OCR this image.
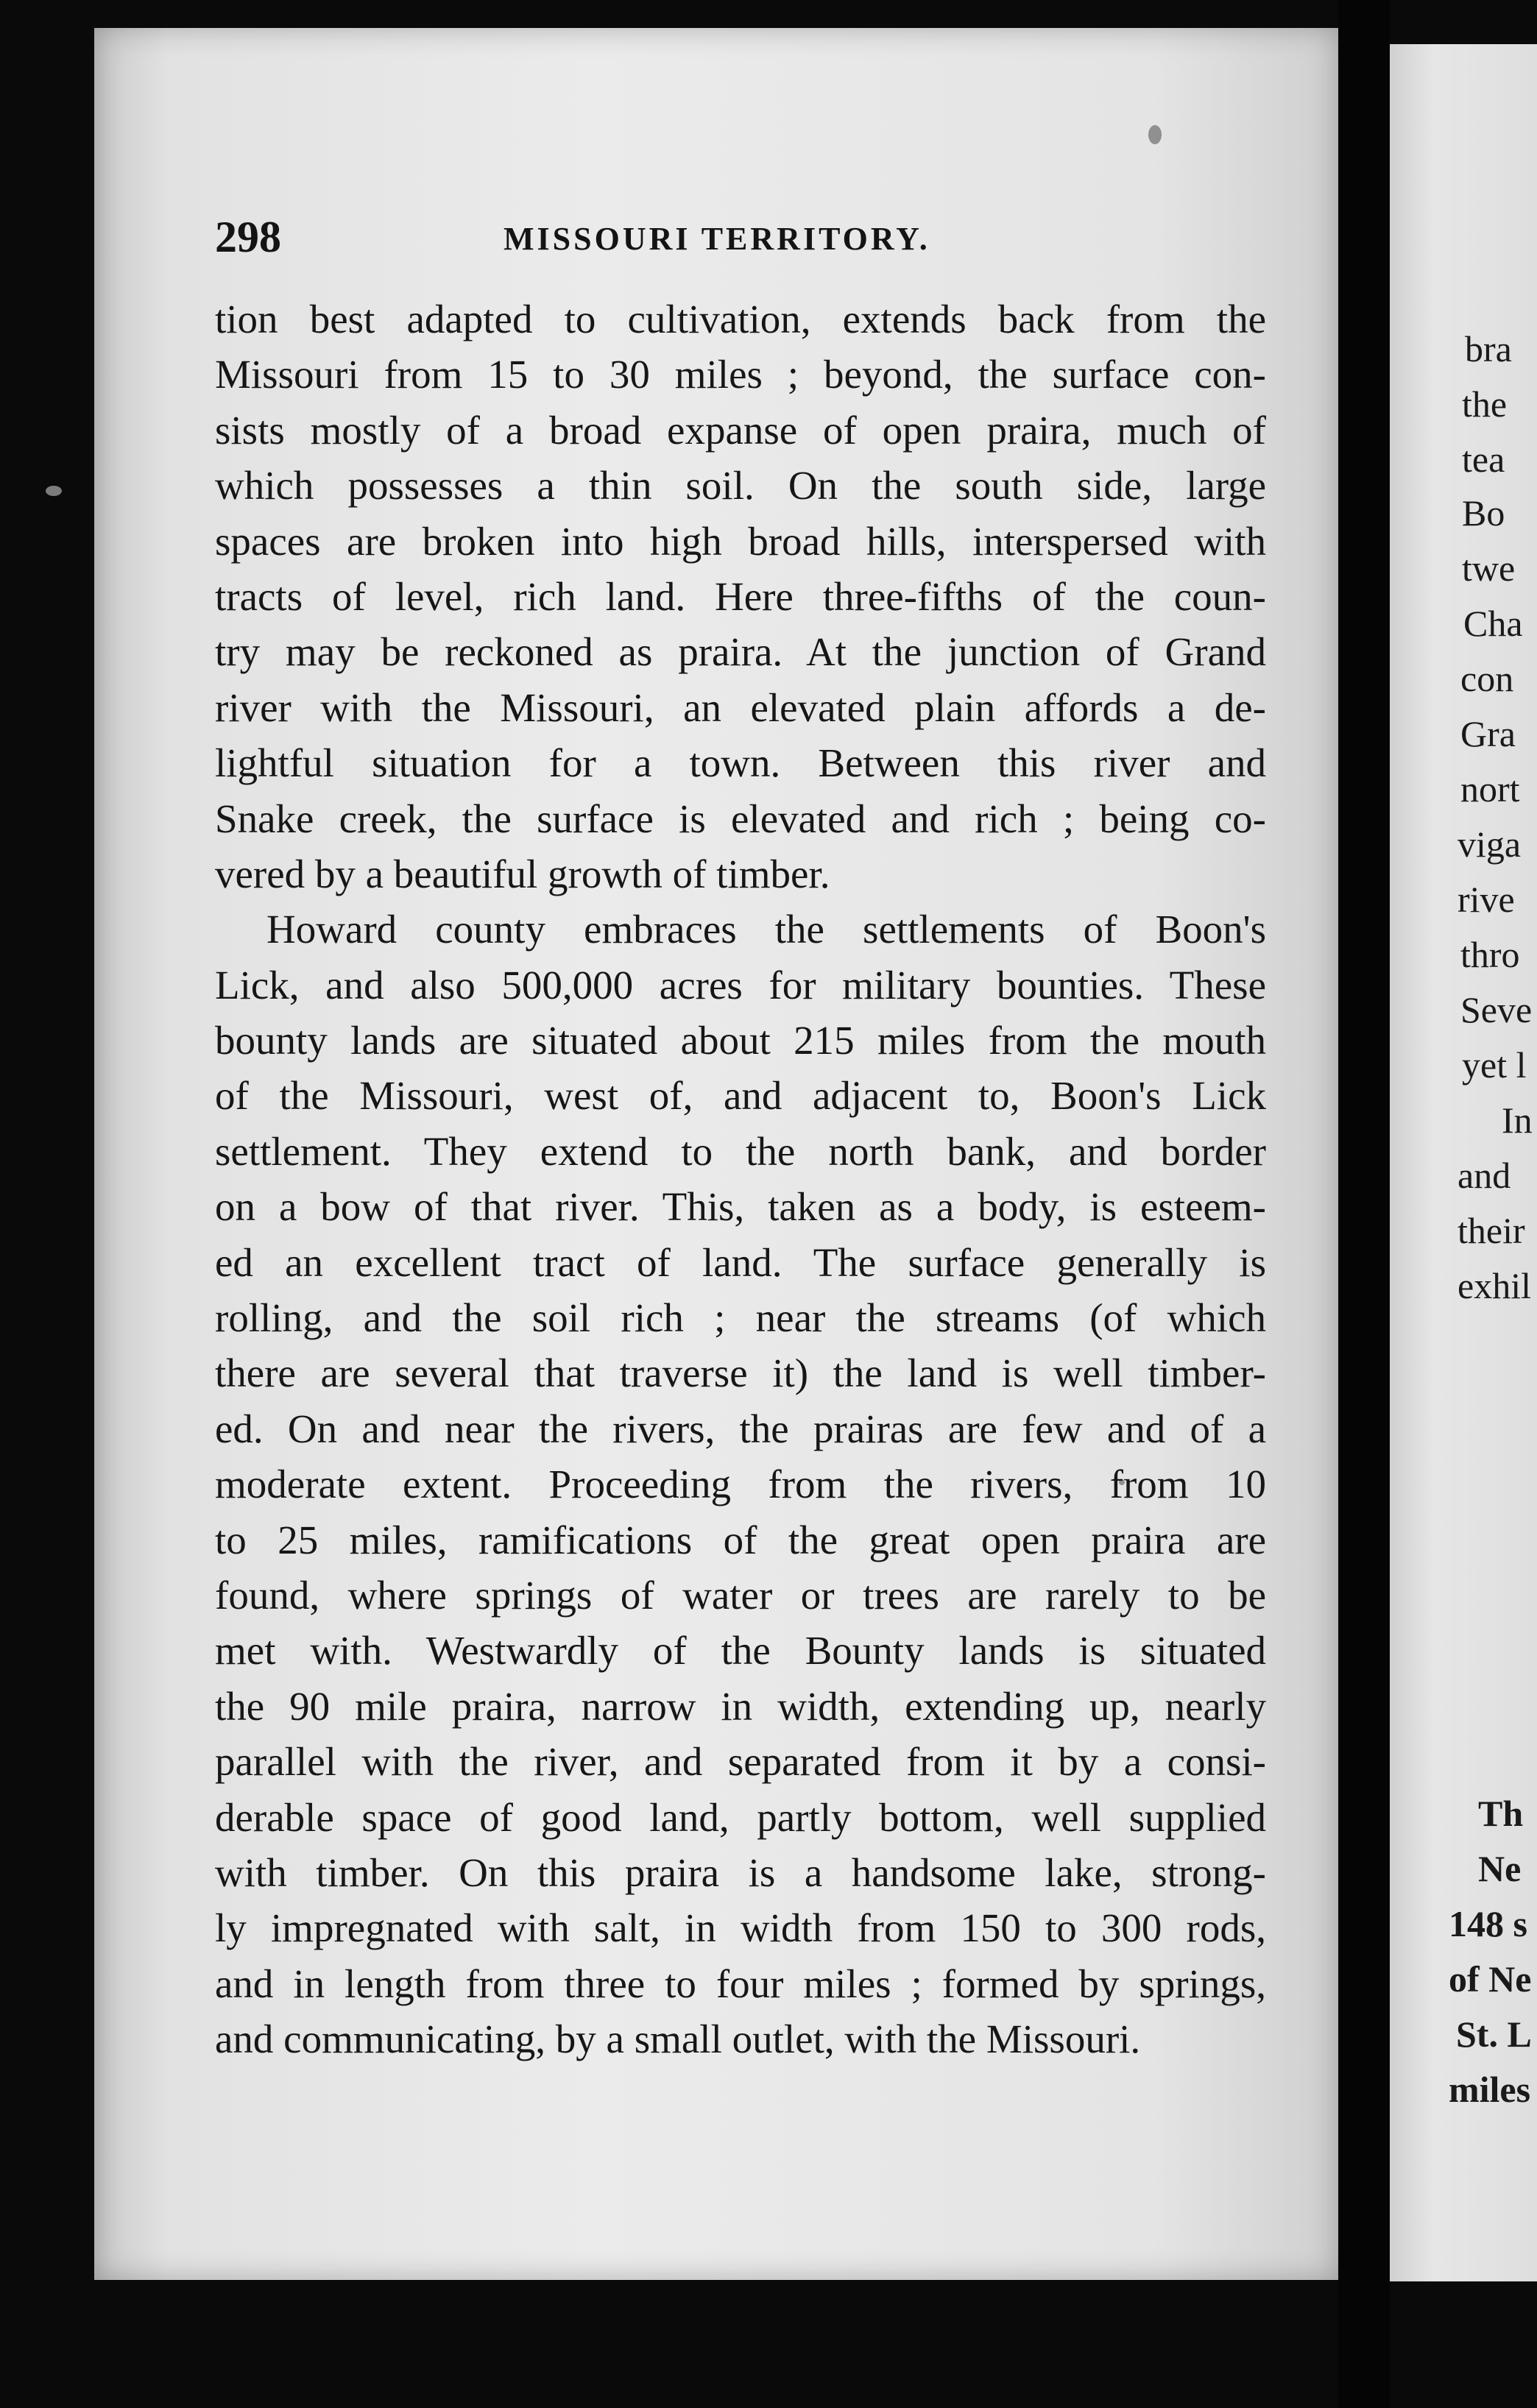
298	MISSOURI TERRITORY.
tion best adapted to cultivation, extends back from the
Missouri from 15 to 30 miles ; beyond, the surface con-
sists mostly of a broad expanse of open praira, much of
which possesses a thin soil. On the south side, large
spaces are broken into high broad hills, interspersed with
tracts of level, rich land. Here three-fifths of the coun-
try may be reckoned as praira. At the junction of Grand
river with the Missouri, an elevated plain affords a de-
lightful situation for a town. Between this river and
Snake creek, the surface is elevated and rich ; being co-
vered by a beautiful growth of timber.
Howard county embraces the settlements of Boon's
Lick, and also 500,000 acres for military bounties. These
bounty lands are situated about 215 miles from the mouth
of the Missouri, west of, and adjacent to, Boon's Lick
settlement. They extend to the north bank, and border
on a bow of that river. This, taken as a body, is esteem-
ed an excellent tract of land. The surface generally is
rolling, and the soil rich ; near the streams (of which
there are several that traverse it) the land is well timber-
ed. On and near the rivers, the prairas are few and of a
moderate extent. Proceeding from the rivers, from 10
to 25 miles, ramifications of the great open praira are
found, where springs of water or trees are rarely to be
met with. Westwardly of the Bounty lands is situated
the 90 mile praira, narrow in width, extending up, nearly
parallel with the river, and separated from it by a consi-
derable space of good land, partly bottom, well supplied
with timber. On this praira is a handsome lake, strong-
ly impregnated with salt, in width from 150 to 300 rods,
and in length from three to four miles ; formed by springs,
and communicating, by a small outlet, with the Missouri.
bra
the
tea
Bo
twe
Cha
con
Gra
nort
viga
rive
thro
Seve
yet l
In
and
their
exhil
Th
Ne
148 s
of Ne
St. L
miles
